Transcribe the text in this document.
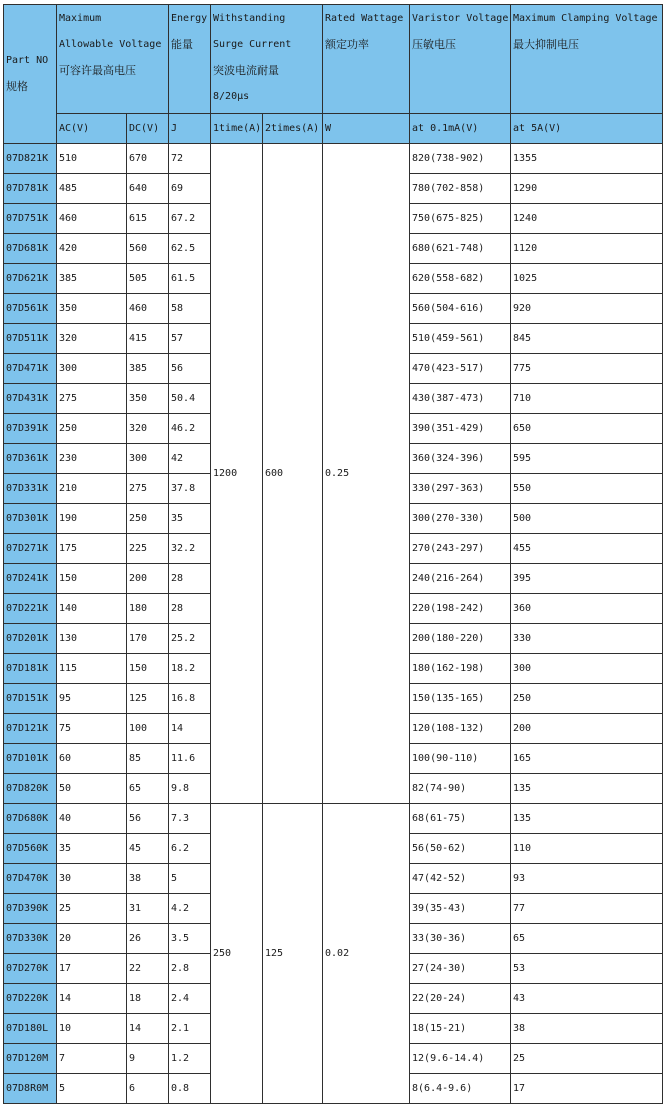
Part NO
规格	Maximum
Allowable Voltage
可容许最高电压		Energy
能量	Withstanding
Surge Current
突波电流耐量
8/20μs		Rated Wattage
额定功率	Varistor Voltage
压敏电压	Maximum Clamping Voltage
最大抑制电压

	AC(V)	DC(V)	J	1time(A)	2times(A)	W	at 0.1mA(V)	at 5A(V)
07D821K	510	670	72	1200	600	0.25	820(738-902)	1355
07D781K	485	640	69				780(702-858)	1290
07D751K	460	615	67.2				750(675-825)	1240
07D681K	420	560	62.5				680(621-748)	1120
07D621K	385	505	61.5				620(558-682)	1025
07D561K	350	460	58				560(504-616)	920
07D511K	320	415	57				510(459-561)	845
07D471K	300	385	56				470(423-517)	775
07D431K	275	350	50.4				430(387-473)	710
07D391K	250	320	46.2				390(351-429)	650
07D361K	230	300	42				360(324-396)	595
07D331K	210	275	37.8				330(297-363)	550
07D301K	190	250	35				300(270-330)	500
07D271K	175	225	32.2				270(243-297)	455
07D241K	150	200	28				240(216-264)	395
07D221K	140	180	28				220(198-242)	360
07D201K	130	170	25.2				200(180-220)	330
07D181K	115	150	18.2				180(162-198)	300
07D151K	95	125	16.8				150(135-165)	250
07D121K	75	100	14				120(108-132)	200
07D101K	60	85	11.6				100(90-110)	165
07D820K	50	65	9.8				82(74-90)	135
07D680K	40	56	7.3	250	125	0.02	68(61-75)	135
07D560K	35	45	6.2				56(50-62)	110
07D470K	30	38	5				47(42-52)	93
07D390K	25	31	4.2				39(35-43)	77
07D330K	20	26	3.5				33(30-36)	65
07D270K	17	22	2.8				27(24-30)	53
07D220K	14	18	2.4				22(20-24)	43
07D180L	10	14	2.1				18(15-21)	38
07D120M	7	9	1.2				12(9.6-14.4)	25
07D8R0M	5	6	0.8				8(6.4-9.6)	17
